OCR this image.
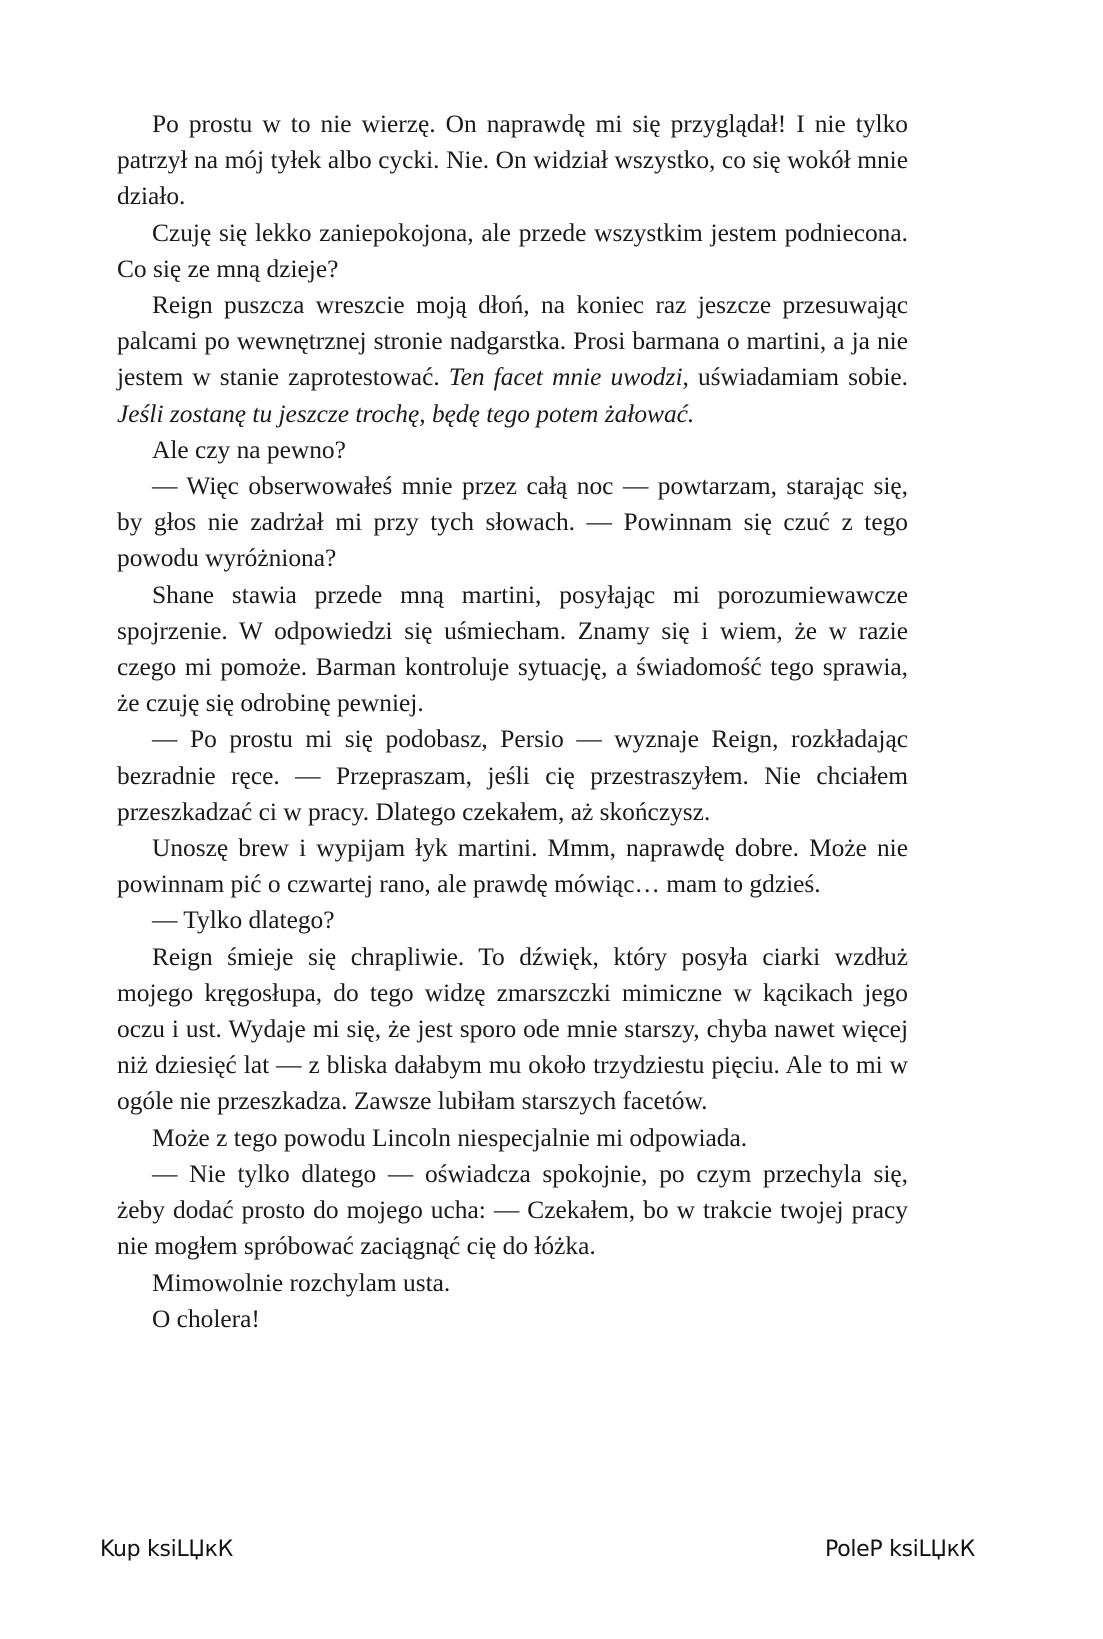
Po prostu w to nie wierzę. On naprawdę mi się przyglądał! I nie tylko patrzył na mój tyłek albo cycki. Nie. On widział wszystko, co się wokół mnie działo.

Czuję się lekko zaniepokojona, ale przede wszystkim jestem podniecona. Co się ze mną dzieje?

Reign puszcza wreszcie moją dłoń, na koniec raz jeszcze przesuwając palcami po wewnętrznej stronie nadgarstka. Prosi barmana o martini, a ja nie jestem w stanie zaprotestować. Ten facet mnie uwodzi, uświadamiam sobie. Jeśli zostanę tu jeszcze trochę, będę tego potem żałować.

Ale czy na pewno?

— Więc obserwowałeś mnie przez całą noc — powtarzam, starając się, by głos nie zadrżał mi przy tych słowach. — Powinnam się czuć z tego powodu wyróżniona?

Shane stawia przede mną martini, posyłając mi porozumiewawcze spojrzenie. W odpowiedzi się uśmiecham. Znamy się i wiem, że w razie czego mi pomoże. Barman kontroluje sytuację, a świadomość tego sprawia, że czuję się odrobinę pewniej.

— Po prostu mi się podobasz, Persio — wyznaje Reign, rozkładając bezradnie ręce. — Przepraszam, jeśli cię przestraszyłem. Nie chciałem przeszkadzać ci w pracy. Dlatego czekałem, aż skończysz.

Unoszę brew i wypijam łyk martini. Mmm, naprawdę dobre. Może nie powinnam pić o czwartej rano, ale prawdę mówiąc… mam to gdzieś.

— Tylko dlatego?

Reign śmieje się chrapliwie. To dźwięk, który posyła ciarki wzdłuż mojego kręgosłupa, do tego widzę zmarszczki mimiczne w kącikach jego oczu i ust. Wydaje mi się, że jest sporo ode mnie starszy, chyba nawet więcej niż dziesięć lat — z bliska dałabym mu około trzydziestu pięciu. Ale to mi w ogóle nie przeszkadza. Zawsze lubiłam starszych facetów.

Może z tego powodu Lincoln niespecjalnie mi odpowiada.

— Nie tylko dlatego — oświadcza spokojnie, po czym przechyla się, żeby dodać prosto do mojego ucha: — Czekałem, bo w trakcie twojej pracy nie mogłem spróbować zaciągnąć cię do łóżka.

Mimowolnie rozchylam usta.

O cholera!

Kup ksiLЏкК	PoleP ksiLЏкК
